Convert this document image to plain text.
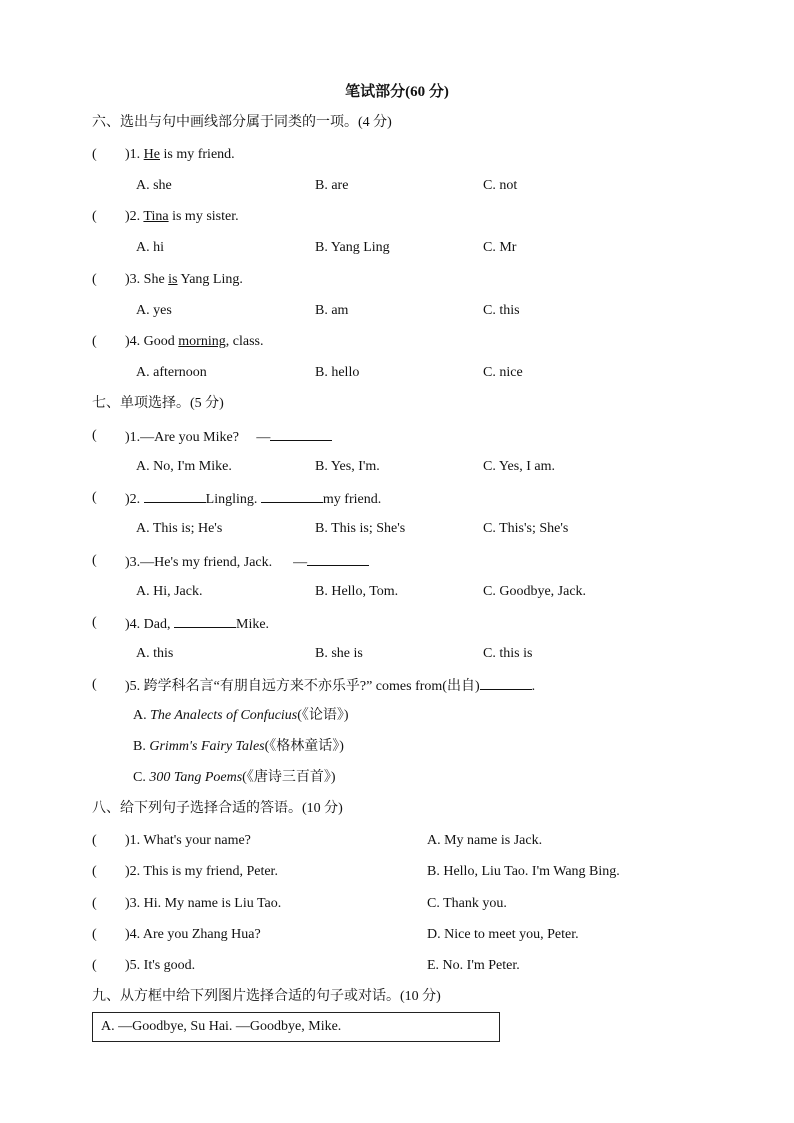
笔试部分(60 分)
六、选出与句中画线部分属于同类的一项。(4 分)
( )1. He is my friend.
A. she	B. are	C. not
( )2. Tina is my sister.
A. hi	B. Yang Ling	C. Mr
( )3. She is Yang Ling.
A. yes	B. am	C. this
( )4. Good morning, class.
A. afternoon	B. hello	C. nice
七、单项选择。(5 分)
( )1.—Are you Mike? —
A. No, I'm Mike.	B. Yes, I'm.	C. Yes, I am.
( )2.	Lingling.	my friend.
A. This is; He's	B. This is; She's	C. This's; She's
( )3.—He's my friend, Jack. —
A. Hi, Jack.	B. Hello, Tom.	C. Goodbye, Jack.
( )4. Dad,	Mike.
A. this	B. she is	C. this is
( )5. 跨学科名言“有朋自远方来不亦乐乎?” comes from(出自)	.
A. The Analects of Confucius(《论语》)
B. Grimm's Fairy Tales(《格林童话》)
C. 300 Tang Poems(《唐诗三百首》)
八、给下列句子选择合适的答语。(10 分)
( )1. What's your name?	A. My name is Jack.
( )2. This is my friend, Peter.	B. Hello, Liu Tao. I'm Wang Bing.
( )3. Hi. My name is Liu Tao.	C. Thank you.
( )4. Are you Zhang Hua?	D. Nice to meet you, Peter.
( )5. It's good.	E. No. I'm Peter.
九、从方框中给下列图片选择合适的句子或对话。(10 分)
A. —Goodbye, Su Hai. —Goodbye, Mike.
